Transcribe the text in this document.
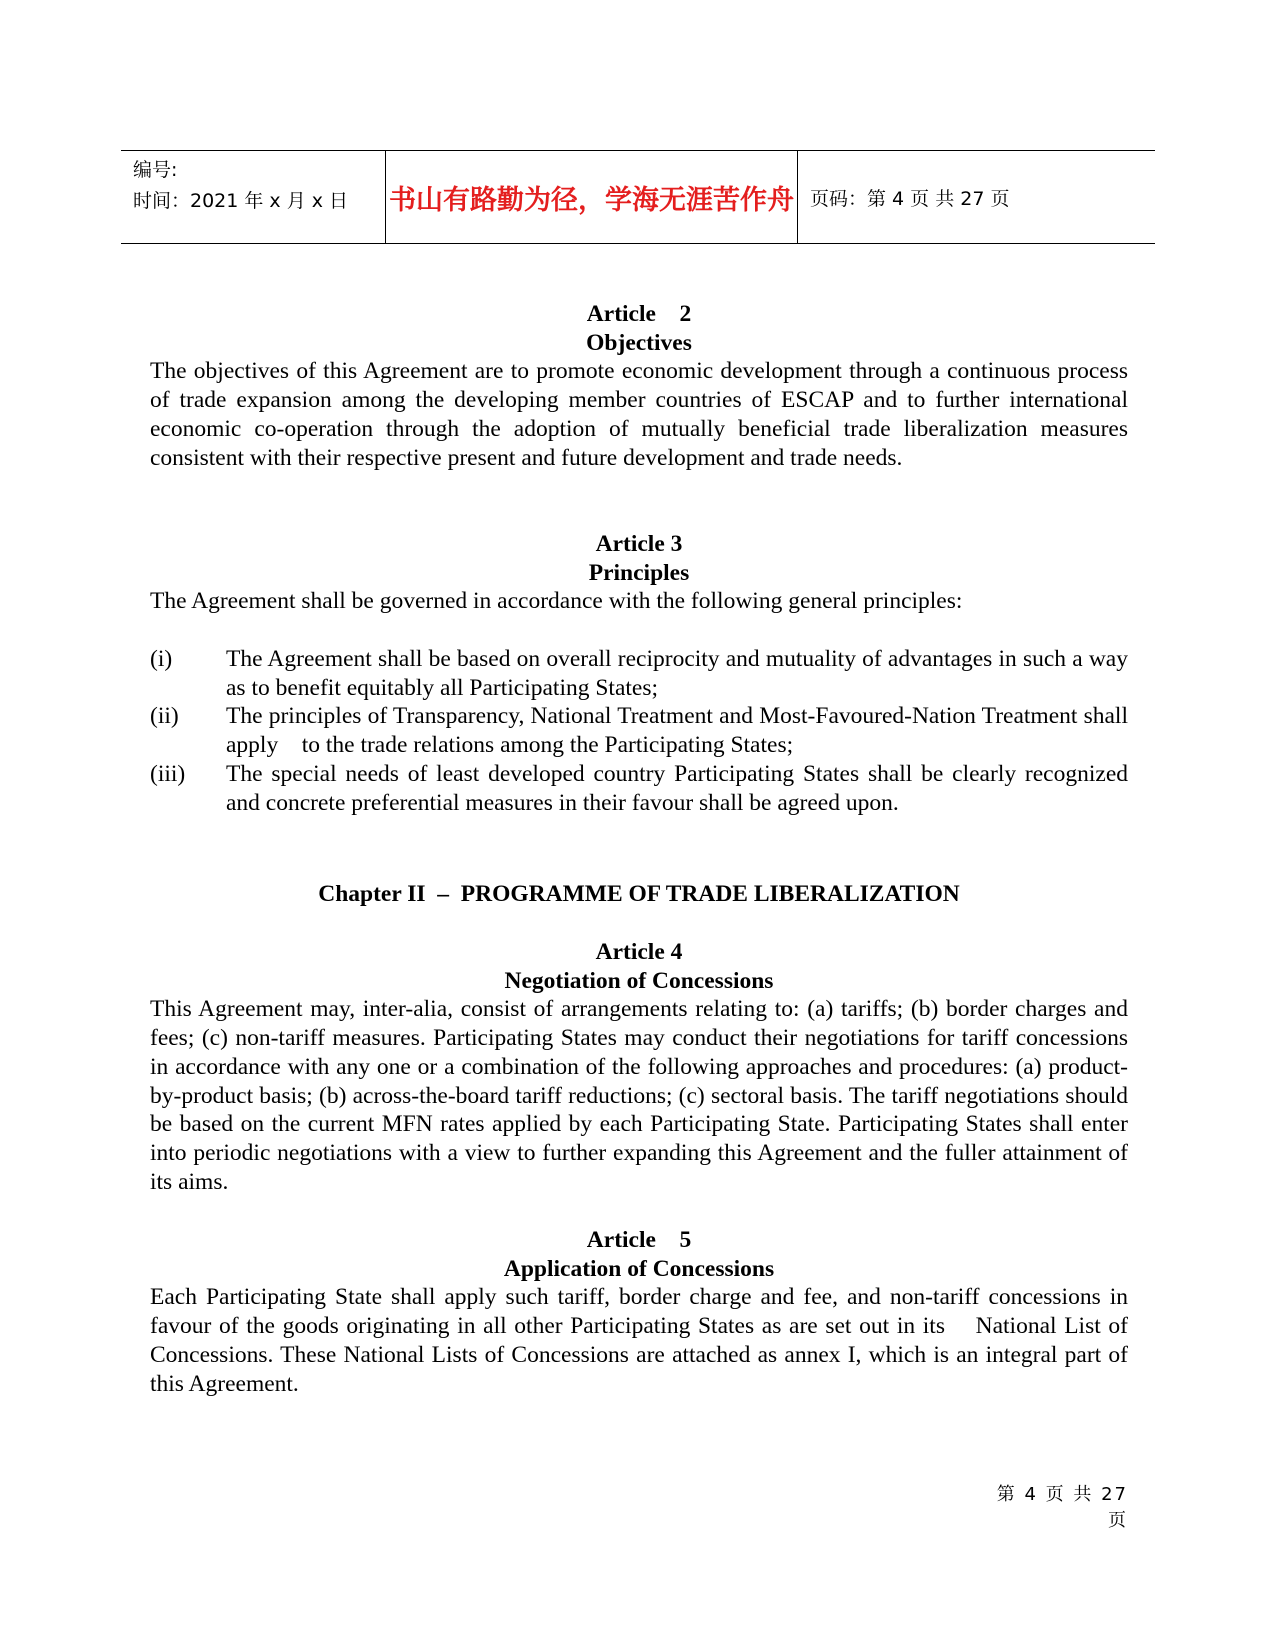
编号:
时间：2021 年 x 月 x 日	书山有路勤为径，学海无涯苦作舟 页码：第 4 页 共 27 页
Article    2
Objectives
The objectives of this Agreement are to promote economic development through a continuous process of trade expansion among the developing member countries of ESCAP and to further international economic co-operation through the adoption of mutually beneficial trade liberalization measures consistent with their respective present and future development and trade needs.
Article 3
Principles
The Agreement shall be governed in accordance with the following general principles:
(i)	The Agreement shall be based on overall reciprocity and mutuality of advantages in such a way as to benefit equitably all Participating States;
(ii)	The principles of Transparency, National Treatment and Most-Favoured-Nation Treatment shall apply    to the trade relations among the Participating States;
(iii)	The special needs of least developed country Participating States shall be clearly recognized and concrete preferential measures in their favour shall be agreed upon.
Chapter II  –  PROGRAMME OF TRADE LIBERALIZATION
Article 4
Negotiation of Concessions
This Agreement may, inter-alia, consist of arrangements relating to: (a) tariffs; (b) border charges and fees; (c) non-tariff measures. Participating States may conduct their negotiations for tariff concessions in accordance with any one or a combination of the following approaches and procedures: (a) product-by-product basis; (b) across-the-board tariff reductions; (c) sectoral basis. The tariff negotiations should be based on the current MFN rates applied by each Participating State. Participating States shall enter into periodic negotiations with a view to further expanding this Agreement and the fuller attainment of its aims.
Article    5
Application of Concessions
Each Participating State shall apply such tariff, border charge and fee, and non-tariff concessions in favour of the goods originating in all other Participating States as are set out in its    National List of Concessions. These National Lists of Concessions are attached as annex I, which is an integral part of this Agreement.
第 4 页 共 27 页
